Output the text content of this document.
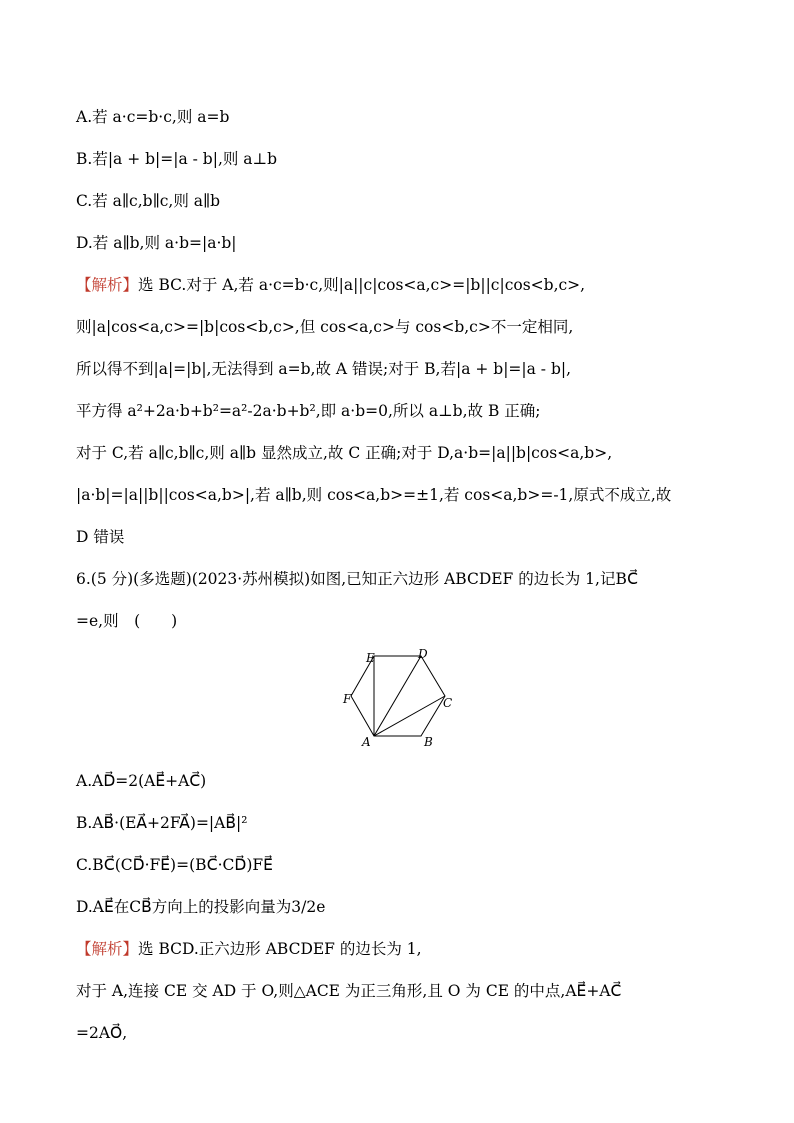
A.若 a·c=b·c,则 a=b
B.若|a + b|=|a - b|,则 a⊥b
C.若 a∥c,b∥c,则 a∥b
D.若 a∥b,则 a·b=|a·b|
【解析】选 BC.对于 A,若 a·c=b·c,则|a||c|cos<a,c>=|b||c|cos<b,c>,
则|a|cos<a,c>=|b|cos<b,c>,但 cos<a,c>与 cos<b,c>不一定相同,
所以得不到|a|=|b|,无法得到 a=b,故 A 错误;对于 B,若|a + b|=|a - b|,
平方得 a²+2a·b+b²=a²-2a·b+b²,即 a·b=0,所以 a⊥b,故 B 正确;
对于 C,若 a∥c,b∥c,则 a∥b 显然成立,故 C 正确;对于 D,a·b=|a||b|cos<a,b>,
|a·b|=|a||b||cos<a,b>|,若 a∥b,则 cos<a,b>=±1,若 cos<a,b>=-1,原式不成立,故
D 错误
6.(5 分)(多选题)(2023·苏州模拟)如图,已知正六边形 ABCDEF 的边长为 1,记BC⃗
=e,则　(　　)
A	B
C
D
E
F
A.AD⃗=2(AE⃗+AC⃗)
B.AB⃗·(EA⃗+2FA⃗)=|AB⃗|²
C.BC⃗(CD⃗·FE⃗)=(BC⃗·CD⃗)FE⃗
D.AE⃗在CB⃗方向上的投影向量为3/2e
【解析】选 BCD.正六边形 ABCDEF 的边长为 1,
对于 A,连接 CE 交 AD 于 O,则△ACE 为正三角形,且 O 为 CE 的中点,AE⃗+AC⃗
=2AO⃗,
